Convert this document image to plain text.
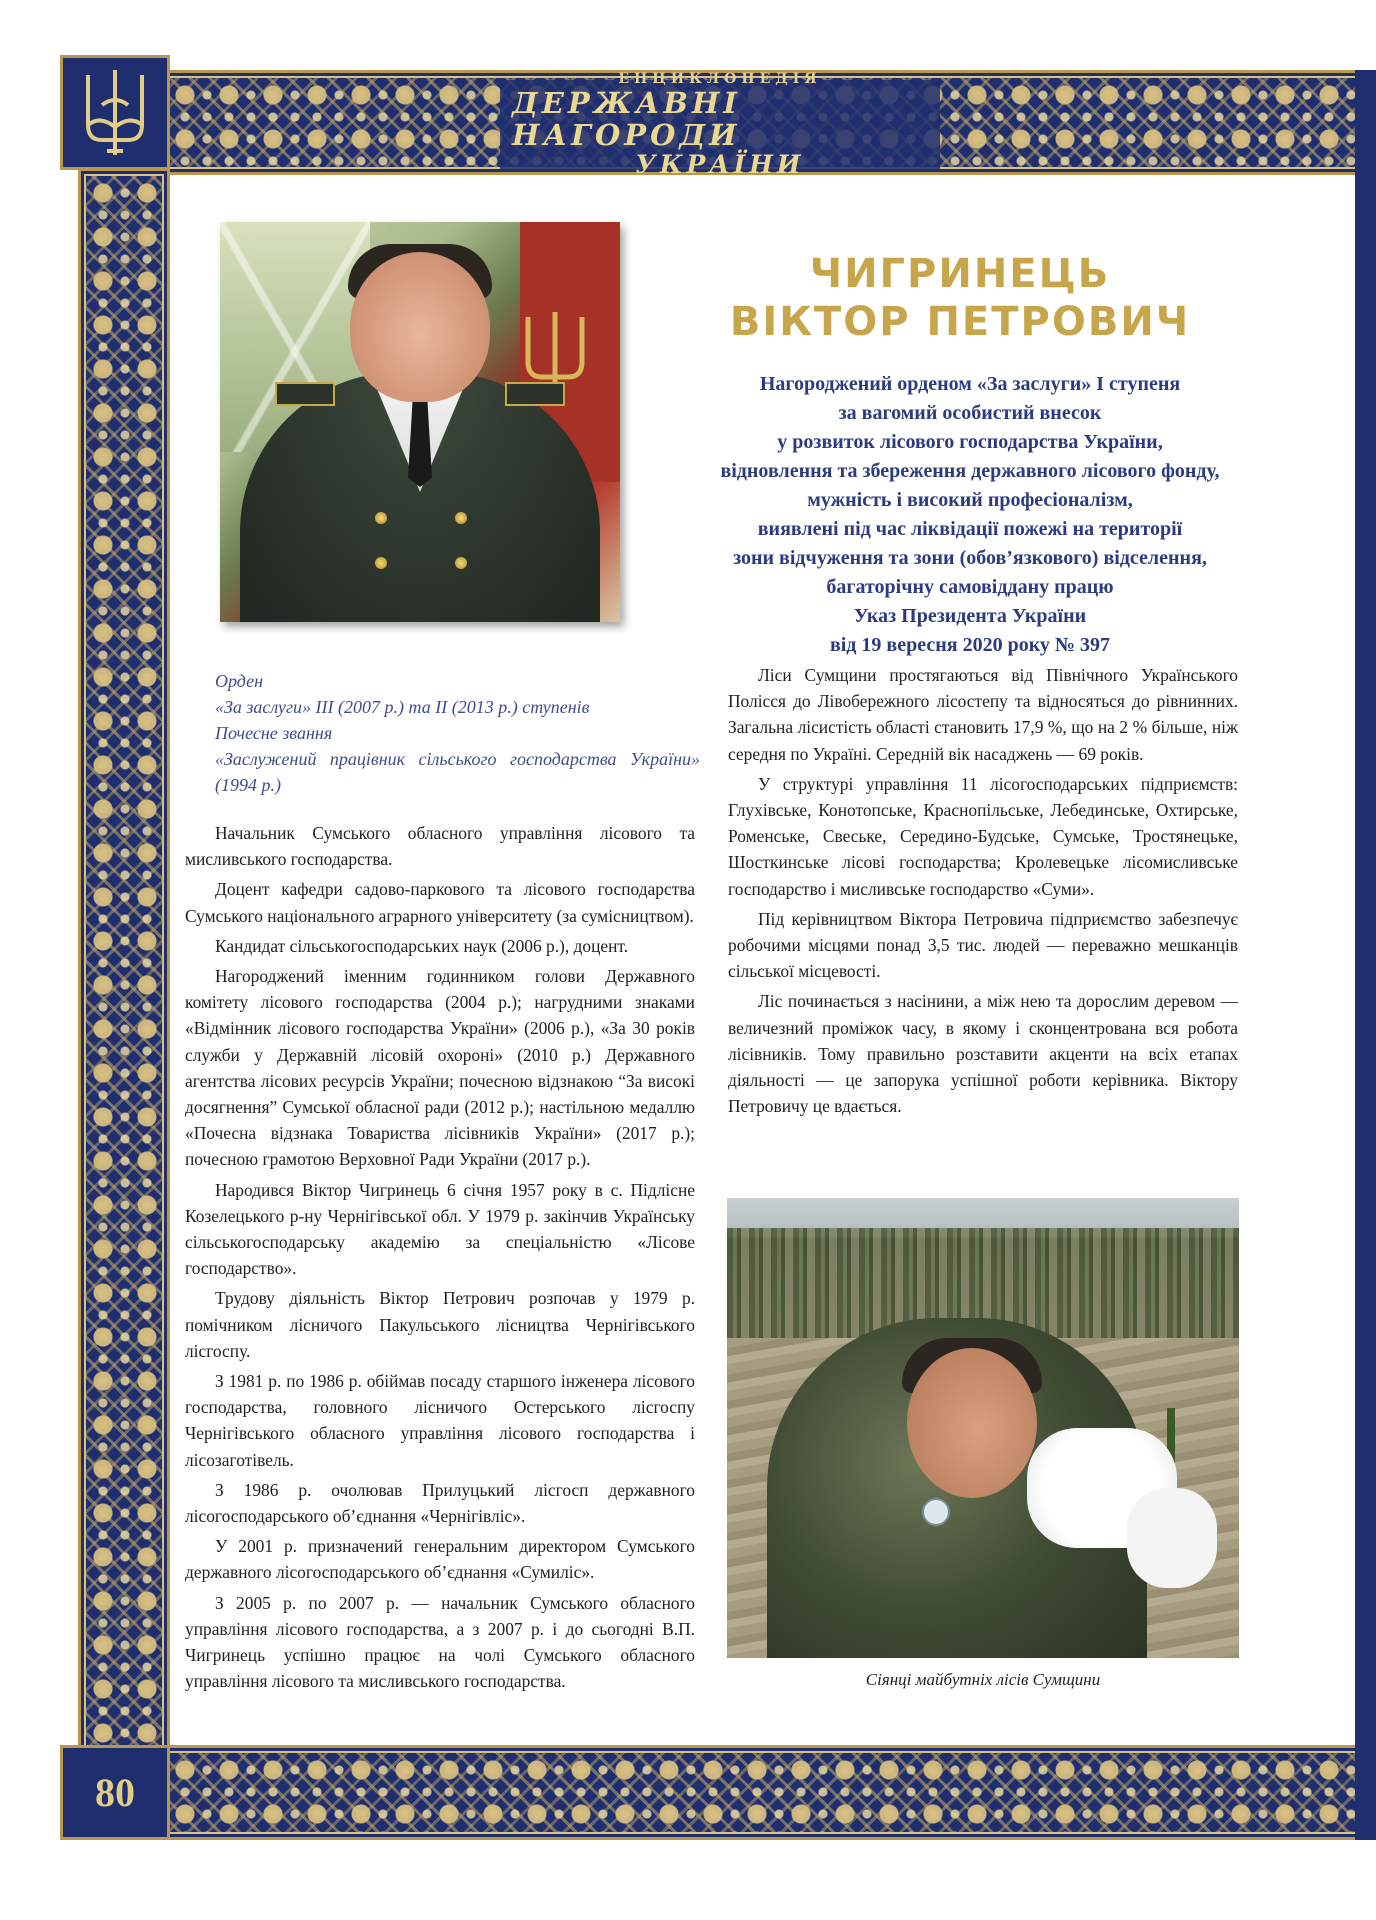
ЕНЦИКЛОПЕДІЯ
ДЕРЖАВНІ НАГОРОДИ
УКРАЇНИ
80
ЧИГРИНЕЦЬ
ВІКТОР ПЕТРОВИЧ
Нагороджений орденом «За заслуги» I ступеня
за вагомий особистий внесок
у розвиток лісового господарства України,
відновлення та збереження державного лісового фонду,
мужність і високий професіоналізм,
виявлені під час ліквідації пожежі на території
зони відчуження та зони (обов’язкового) відселення,
багаторічну самовіддану працю
Указ Президента України
від 19 вересня 2020 року № 397
Орден
«За заслуги» III (2007 р.) та II (2013 р.) ступенів
Почесне звання
«Заслужений працівник сільського господарства України» (1994 р.)

Начальник Сумського обласного управління лісового та мисливського господарства.

Доцент кафедри садово-паркового та лісового господарства Сумського національного аграрного університету (за сумісництвом).

Кандидат сільськогосподарських наук (2006 р.), доцент.

Нагороджений іменним годинником голови Державного комітету лісового господарства (2004 р.); нагрудними знаками «Відмінник лісового господарства України» (2006 р.), «За 30 років служби у Державній лісовій охороні» (2010 р.) Державного агентства лісових ресурсів України; почесною відзнакою “За високі досягнення” Сумської обласної ради (2012 р.); настільною медаллю «Почесна відзнака Товариства лісівників України» (2017 р.); почесною грамотою Верховної Ради України (2017 р.).

Народився Віктор Чигринець 6 січня 1957 року в с. Підлісне Козелецького р-ну Чернігівської обл. У 1979 р. закінчив Українську сільськогосподарську академію за спеціальністю «Лісове господарство».

Трудову діяльність Віктор Петрович розпочав у 1979 р. помічником лісничого Пакульського лісництва Чернігівського лісгоспу.

З 1981 р. по 1986 р. обіймав посаду старшого інженера лісового господарства, головного лісничого Остерського лісгоспу Чернігівського обласного управління лісового господарства і лісозаготівель.

З 1986 р. очолював Прилуцький лісгосп державного лісогосподарського об’єднання «Чернігівліс».

У 2001 р. призначений генеральним директором Сумського державного лісогосподарського об’єднання «Сумиліс».

З 2005 р. по 2007 р. — начальник Сумського обласного управління лісового господарства, а з 2007 р. і до сьогодні В.П. Чигринець успішно працює на чолі Сумського обласного управління лісового та мисливського господарства.

Ліси Сумщини простягаються від Північного Українського Полісся до Лівобережного лісостепу та відносяться до рівнинних. Загальна лісистість області становить 17,9 %, що на 2 % більше, ніж середня по Україні. Середній вік насаджень — 69 років.

У структурі управління 11 лісогосподарських підприємств: Глухівське, Конотопське, Краснопільське, Лебединське, Охтирське, Роменське, Свеське, Середино-Будське, Сумське, Тростянецьке, Шосткинське лісові господарства; Кролевецьке лісомисливське господарство і мисливське господарство «Суми».

Під керівництвом Віктора Петровича підприємство забезпечує робочими місцями понад 3,5 тис. людей — переважно мешканців сільської місцевості.

Ліс починається з насінини, а між нею та дорослим деревом — величезний проміжок часу, в якому і сконцентрована вся робота лісівників. Тому правильно розставити акценти на всіх етапах діяльності — це запорука успішної роботи керівника. Віктору Петровичу це вдається.

Сіянці майбутніх лісів Сумщини
